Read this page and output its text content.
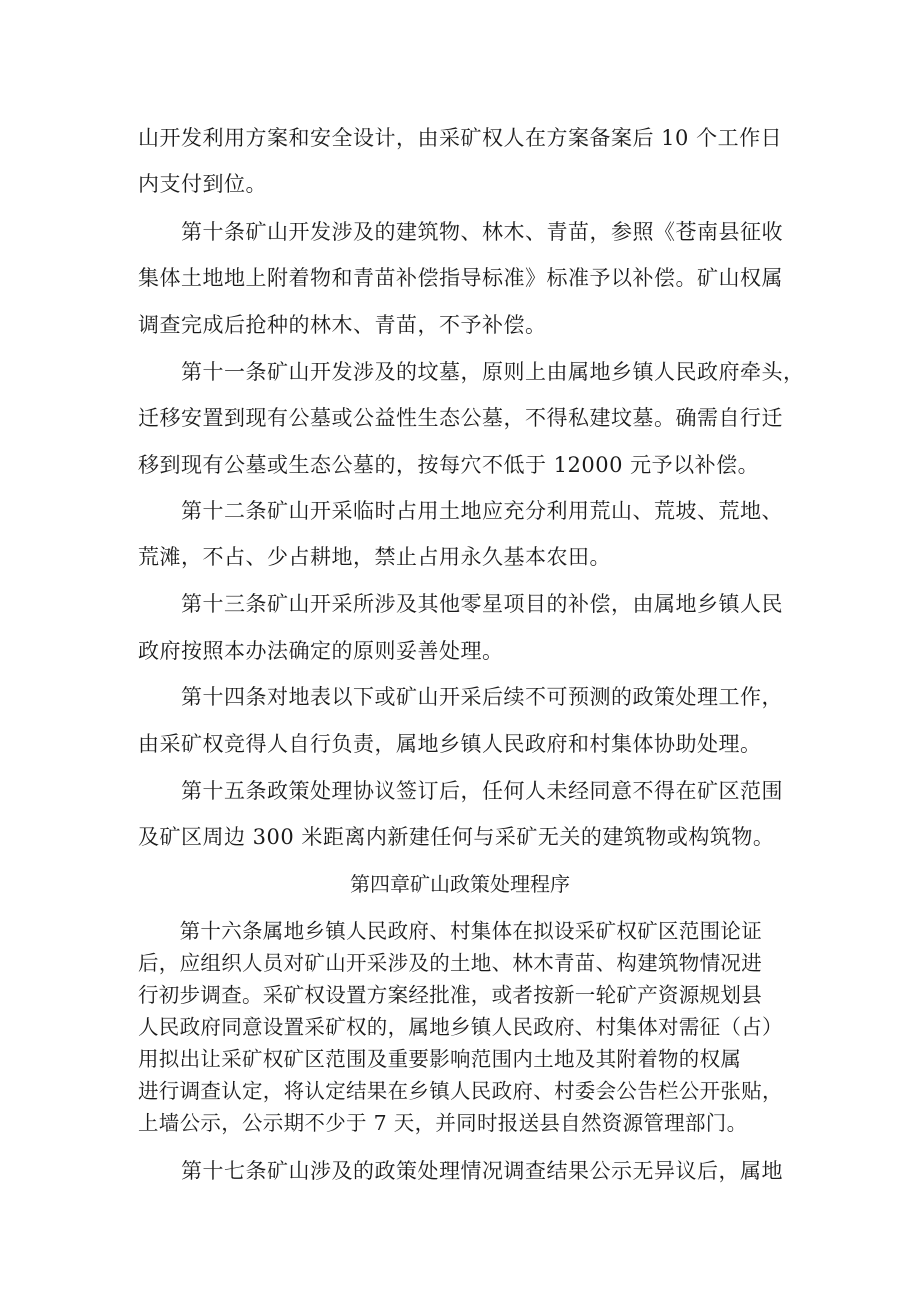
山开发利用方案和安全设计，由采矿权人在方案备案后 10 个工作日
内支付到位。
　　第十条矿山开发涉及的建筑物、林木、青苗，参照《苍南县征收
集体土地地上附着物和青苗补偿指导标准》标准予以补偿。矿山权属
调查完成后抢种的林木、青苗，不予补偿。
　　第十一条矿山开发涉及的坟墓，原则上由属地乡镇人民政府牵头，
迁移安置到现有公墓或公益性生态公墓，不得私建坟墓。确需自行迁
移到现有公墓或生态公墓的，按每穴不低于 12000 元予以补偿。
　　第十二条矿山开采临时占用土地应充分利用荒山、荒坡、荒地、
荒滩，不占、少占耕地，禁止占用永久基本农田。
　　第十三条矿山开采所涉及其他零星项目的补偿，由属地乡镇人民
政府按照本办法确定的原则妥善处理。
　　第十四条对地表以下或矿山开采后续不可预测的政策处理工作，
由采矿权竞得人自行负责，属地乡镇人民政府和村集体协助处理。
　　第十五条政策处理协议签订后，任何人未经同意不得在矿区范围
及矿区周边 300 米距离内新建任何与采矿无关的建筑物或构筑物。
第四章矿山政策处理程序
　　第十六条属地乡镇人民政府、村集体在拟设采矿权矿区范围论证
后，应组织人员对矿山开采涉及的土地、林木青苗、构建筑物情况进
行初步调查。采矿权设置方案经批准，或者按新一轮矿产资源规划县
人民政府同意设置采矿权的，属地乡镇人民政府、村集体对需征（占）
用拟出让采矿权矿区范围及重要影响范围内土地及其附着物的权属
进行调查认定，将认定结果在乡镇人民政府、村委会公告栏公开张贴，
上墙公示，公示期不少于 7 天，并同时报送县自然资源管理部门。
　　第十七条矿山涉及的政策处理情况调查结果公示无异议后，属地
